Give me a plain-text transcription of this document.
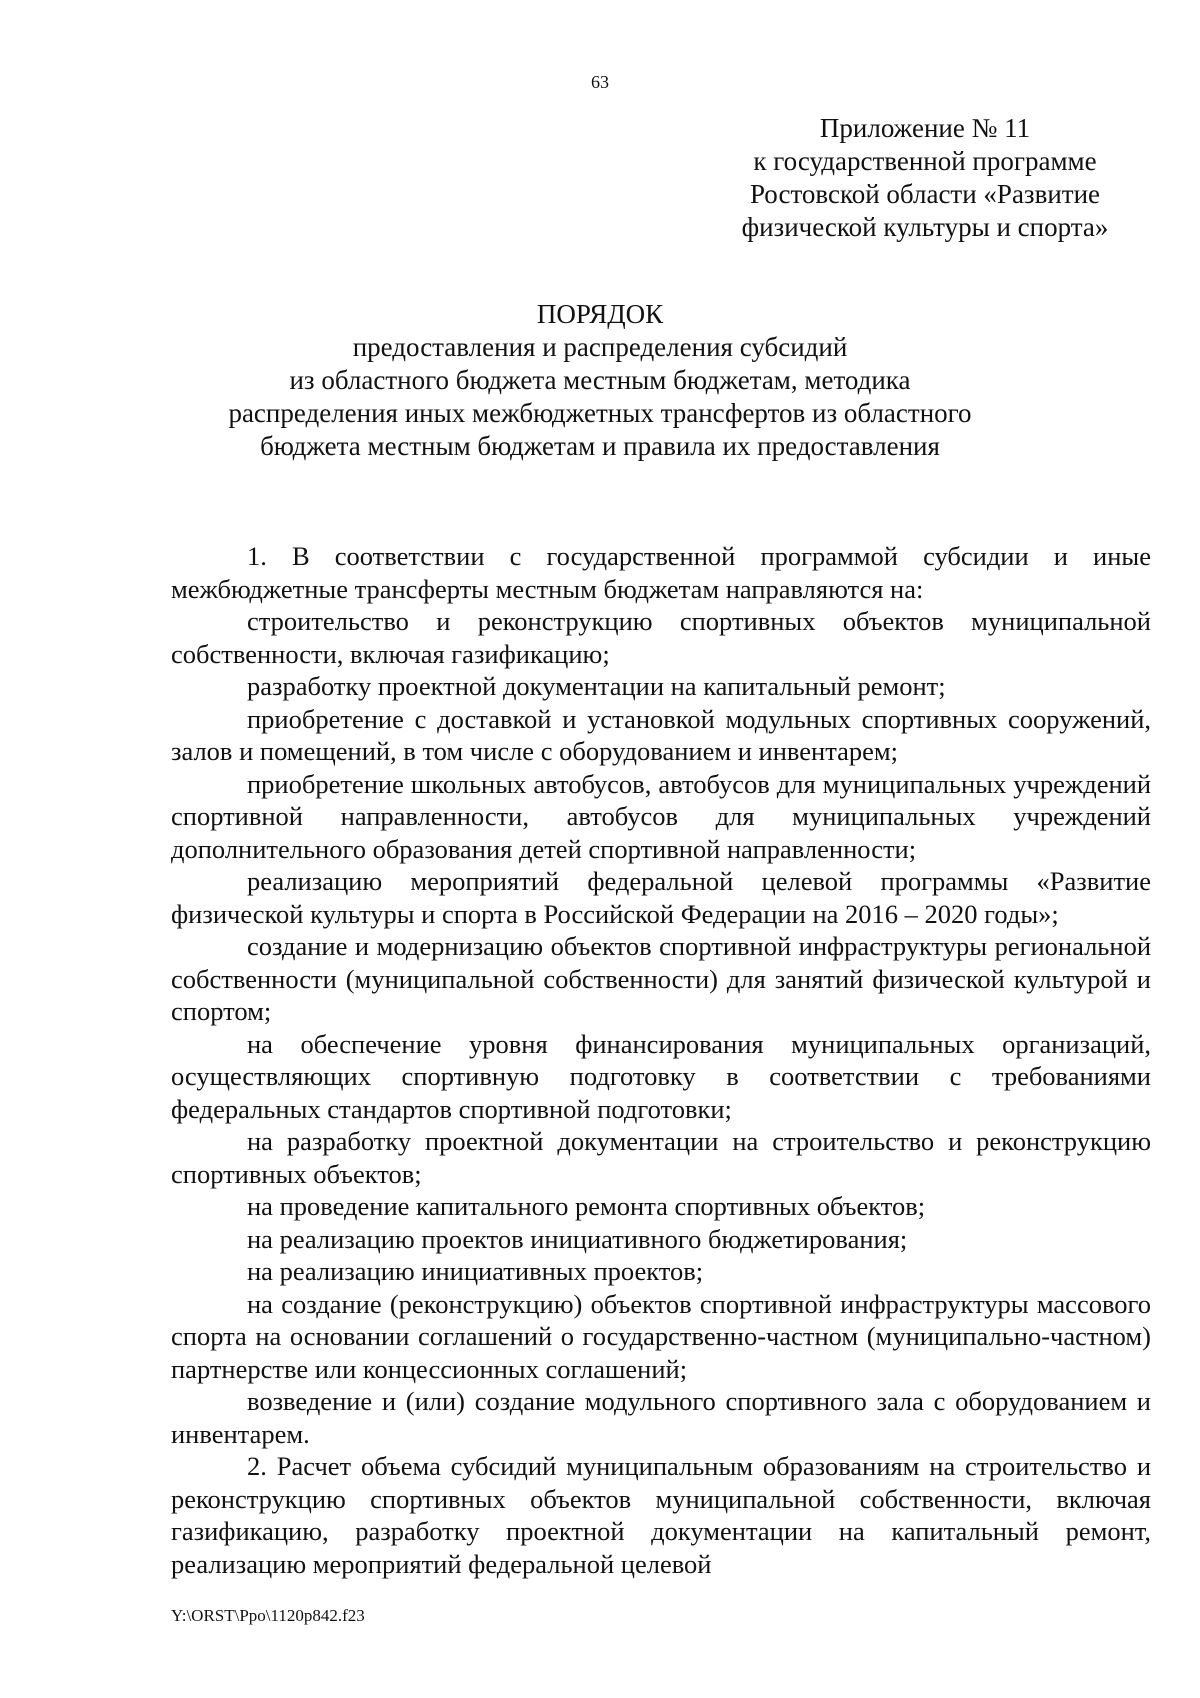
63
Приложение № 11
к государственной программе
Ростовской области «Развитие
физической культуры и спорта»
ПОРЯДОК
предоставления и распределения субсидий
из областного бюджета местным бюджетам, методика
распределения иных межбюджетных трансфертов из областного
бюджета местным бюджетам и правила их предоставления

1. В соответствии с государственной программой субсидии и иные межбюджетные трансферты местным бюджетам направляются на:

строительство и реконструкцию спортивных объектов муниципальной собственности, включая газификацию;

разработку проектной документации на капитальный ремонт;

приобретение с доставкой и установкой модульных спортивных сооружений, залов и помещений, в том числе с оборудованием и инвентарем;

приобретение школьных автобусов, автобусов для муниципальных учреждений спортивной направленности, автобусов для муниципальных учреждений дополнительного образования детей спортивной направленности;

реализацию мероприятий федеральной целевой программы «Развитие физической культуры и спорта в Российской Федерации на 2016 – 2020 годы»;

создание и модернизацию объектов спортивной инфраструктуры региональной собственности (муниципальной собственности) для занятий физической культурой и спортом;

на обеспечение уровня финансирования муниципальных организаций, осуществляющих спортивную подготовку в соответствии с требованиями федеральных стандартов спортивной подготовки;

на разработку проектной документации на строительство и реконструкцию спортивных объектов;

на проведение капитального ремонта спортивных объектов;

на реализацию проектов инициативного бюджетирования;

на реализацию инициативных проектов;

на создание (реконструкцию) объектов спортивной инфраструктуры массового спорта на основании соглашений о государственно-частном (муниципально-частном) партнерстве или концессионных соглашений;

возведение и (или) создание модульного спортивного зала с оборудованием и инвентарем.

2. Расчет объема субсидий муниципальным образованиям на строительство и реконструкцию спортивных объектов муниципальной собственности, включая газификацию, разработку проектной документации на капитальный ремонт, реализацию мероприятий федеральной целевой

Y:\ORST\Ppo\1120p842.f23
